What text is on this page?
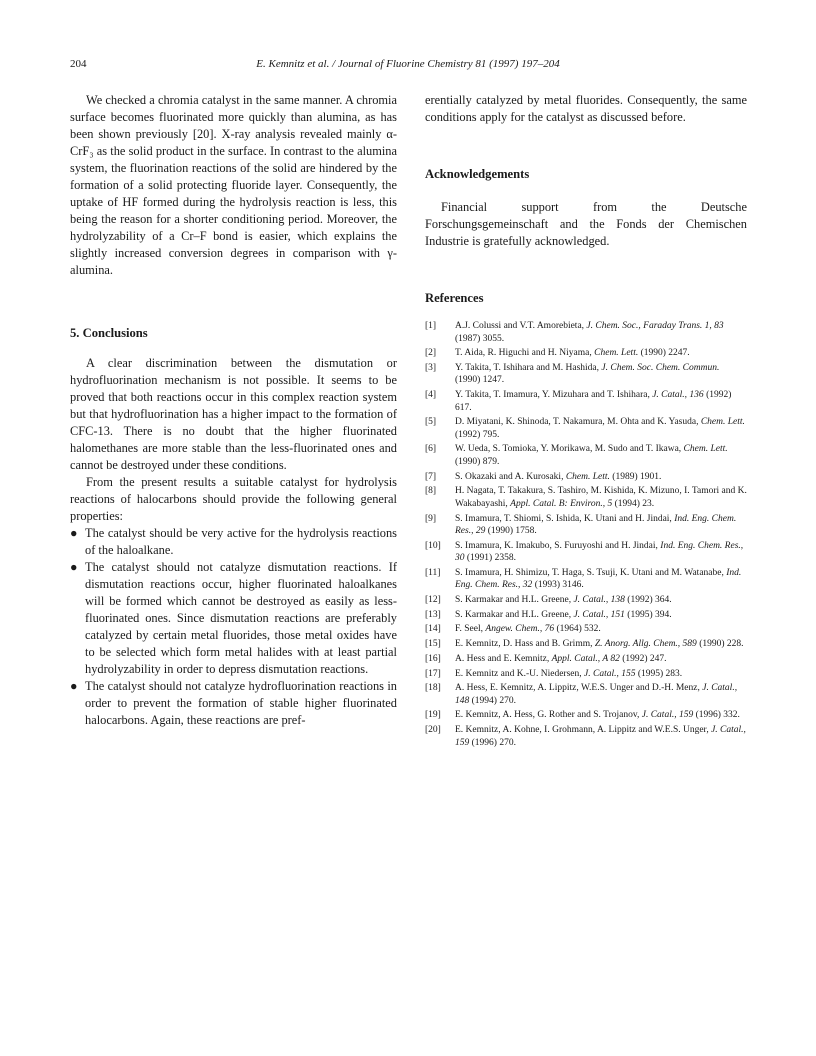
204	E. Kemnitz et al. / Journal of Fluorine Chemistry 81 (1997) 197–204

We checked a chromia catalyst in the same manner. A chromia surface becomes fluorinated more quickly than alumina, as has been shown previously [20]. X-ray analysis revealed mainly α-CrF₃ as the solid product in the surface. In contrast to the alumina system, the fluorination reactions of the solid are hindered by the formation of a solid protecting fluoride layer. Consequently, the uptake of HF formed during the hydrolysis reaction is less, this being the reason for a shorter conditioning period. Moreover, the hydrolyzability of a Cr–F bond is easier, which explains the slightly increased conversion degrees in comparison with γ-alumina.

5. Conclusions

A clear discrimination between the dismutation or hydrofluorination mechanism is not possible. It seems to be proved that both reactions occur in this complex reaction system but that hydrofluorination has a higher impact to the formation of CFC-13. There is no doubt that the higher fluorinated halomethanes are more stable than the less-fluorinated ones and cannot be destroyed under these conditions.

From the present results a suitable catalyst for hydrolysis reactions of halocarbons should provide the following general properties:

● The catalyst should be very active for the hydrolysis reactions of the haloalkane.
● The catalyst should not catalyze dismutation reactions. If dismutation reactions occur, higher fluorinated haloalkanes will be formed which cannot be destroyed as easily as less-fluorinated ones. Since dismutation reactions are preferably catalyzed by certain metal fluorides, those metal oxides have to be selected which form metal halides with at least partial hydrolyzability in order to depress dismutation reactions.
● The catalyst should not catalyze hydrofluorination reactions in order to prevent the formation of stable higher fluorinated halocarbons. Again, these reactions are pref-

erentially catalyzed by metal fluorides. Consequently, the same conditions apply for the catalyst as discussed before.

Acknowledgements

Financial support from the Deutsche Forschungsgemeinschaft and the Fonds der Chemischen Industrie is gratefully acknowledged.

References
[1]	A.J. Colussi and V.T. Amorebieta, J. Chem. Soc., Faraday Trans. 1, 83 (1987) 3055.
[2]	T. Aida, R. Higuchi and H. Niyama, Chem. Lett. (1990) 2247.
[3]	Y. Takita, T. Ishihara and M. Hashida, J. Chem. Soc. Chem. Commun. (1990) 1247.
[4]	Y. Takita, T. Imamura, Y. Mizuhara and T. Ishihara, J. Catal., 136 (1992) 617.
[5]	D. Miyatani, K. Shinoda, T. Nakamura, M. Ohta and K. Yasuda, Chem. Lett. (1992) 795.
[6]	W. Ueda, S. Tomioka, Y. Morikawa, M. Sudo and T. Ikawa, Chem. Lett. (1990) 879.
[7]	S. Okazaki and A. Kurosaki, Chem. Lett. (1989) 1901.
[8]	H. Nagata, T. Takakura, S. Tashiro, M. Kishida, K. Mizuno, I. Tamori and K. Wakabayashi, Appl. Catal. B: Environ., 5 (1994) 23.
[9]	S. Imamura, T. Shiomi, S. Ishida, K. Utani and H. Jindai, Ind. Eng. Chem. Res., 29 (1990) 1758.
[10]	S. Imamura, K. Imakubo, S. Furuyoshi and H. Jindai, Ind. Eng. Chem. Res., 30 (1991) 2358.
[11]	S. Imamura, H. Shimizu, T. Haga, S. Tsuji, K. Utani and M. Watanabe, Ind. Eng. Chem. Res., 32 (1993) 3146.
[12]	S. Karmakar and H.L. Greene, J. Catal., 138 (1992) 364.
[13]	S. Karmakar and H.L. Greene, J. Catal., 151 (1995) 394.
[14]	F. Seel, Angew. Chem., 76 (1964) 532.
[15]	E. Kemnitz, D. Hass and B. Grimm, Z. Anorg. Allg. Chem., 589 (1990) 228.
[16]	A. Hess and E. Kemnitz, Appl. Catal., A 82 (1992) 247.
[17]	E. Kemnitz and K.-U. Niedersen, J. Catal., 155 (1995) 283.
[18]	A. Hess, E. Kemnitz, A. Lippitz, W.E.S. Unger and D.-H. Menz, J. Catal., 148 (1994) 270.
[19]	E. Kemnitz, A. Hess, G. Rother and S. Trojanov, J. Catal., 159 (1996) 332.
[20]	E. Kemnitz, A. Kohne, I. Grohmann, A. Lippitz and W.E.S. Unger, J. Catal., 159 (1996) 270.
